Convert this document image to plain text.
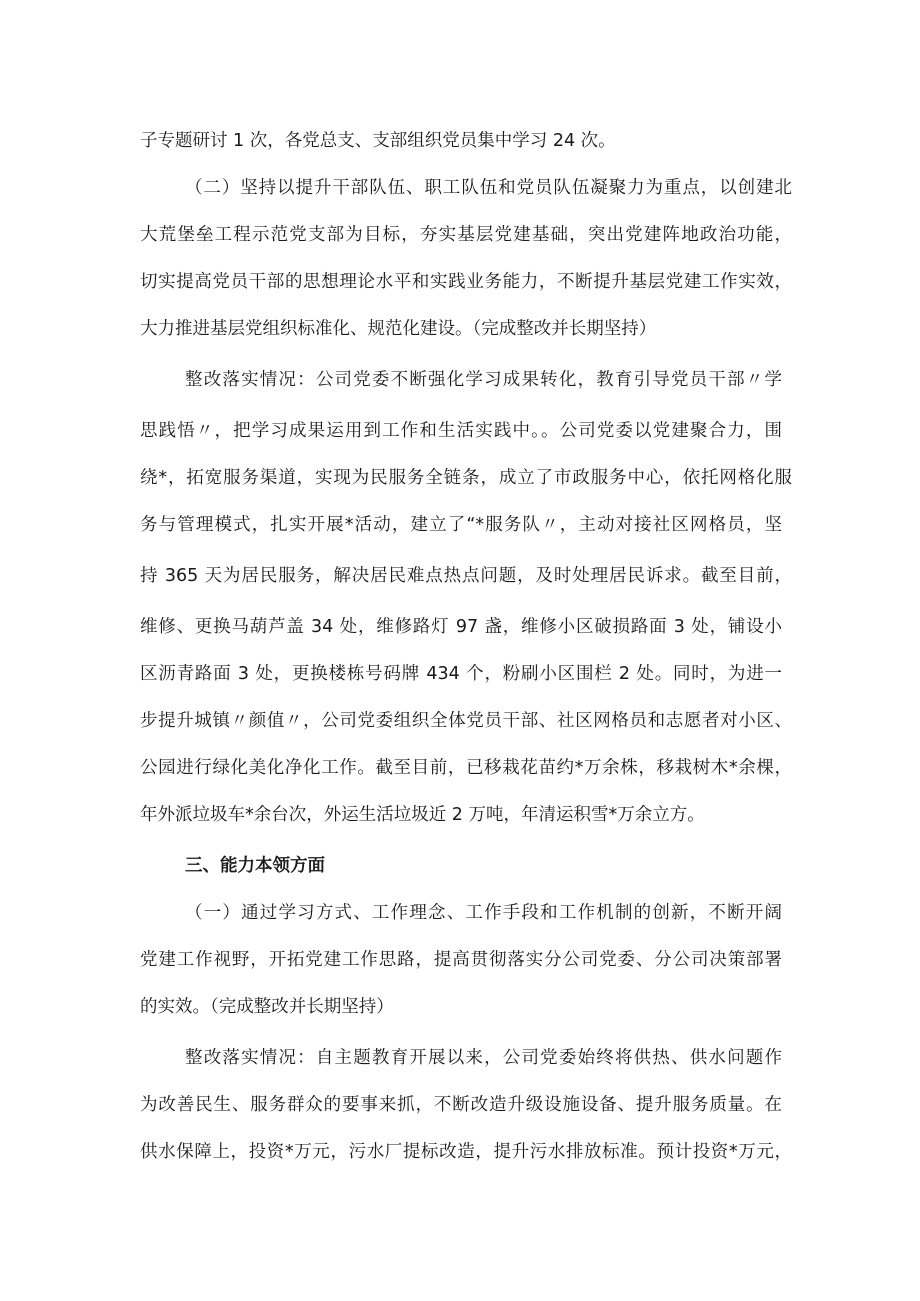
子专题研讨 1 次，各党总支、支部组织党员集中学习 24 次。
（二）坚持以提升干部队伍、职工队伍和党员队伍凝聚力为重点，以创建北
大荒堡垒工程示范党支部为目标，夯实基层党建基础，突出党建阵地政治功能，
切实提高党员干部的思想理论水平和实践业务能力，不断提升基层党建工作实效，
大力推进基层党组织标准化、规范化建设。（完成整改并长期坚持）
整改落实情况：公司党委不断强化学习成果转化，教育引导党员干部〃学
思践悟〃，把学习成果运用到工作和生活实践中。。公司党委以党建聚合力，围
绕*，拓宽服务渠道，实现为民服务全链条，成立了市政服务中心，依托网格化服
务与管理模式，扎实开展*活动，建立了“*服务队〃，主动对接社区网格员，坚
持 365 天为居民服务，解决居民难点热点问题，及时处理居民诉求。截至目前，
维修、更换马葫芦盖 34 处，维修路灯 97 盏，维修小区破损路面 3 处，铺设小
区沥青路面 3 处，更换楼栋号码牌 434 个，粉刷小区围栏 2 处。同时，为进一
步提升城镇〃颜值〃，公司党委组织全体党员干部、社区网格员和志愿者对小区、
公园进行绿化美化净化工作。截至目前，已移栽花苗约*万余株，移栽树木*余棵，
年外派垃圾车*余台次，外运生活垃圾近 2 万吨，年清运积雪*万余立方。
三、能力本领方面
（一）通过学习方式、工作理念、工作手段和工作机制的创新，不断开阔
党建工作视野，开拓党建工作思路，提高贯彻落实分公司党委、分公司决策部署
的实效。（完成整改并长期坚持）
整改落实情况：自主题教育开展以来，公司党委始终将供热、供水问题作
为改善民生、服务群众的要事来抓，不断改造升级设施设备、提升服务质量。在
供水保障上，投资*万元，污水厂提标改造，提升污水排放标准。预计投资*万元，
